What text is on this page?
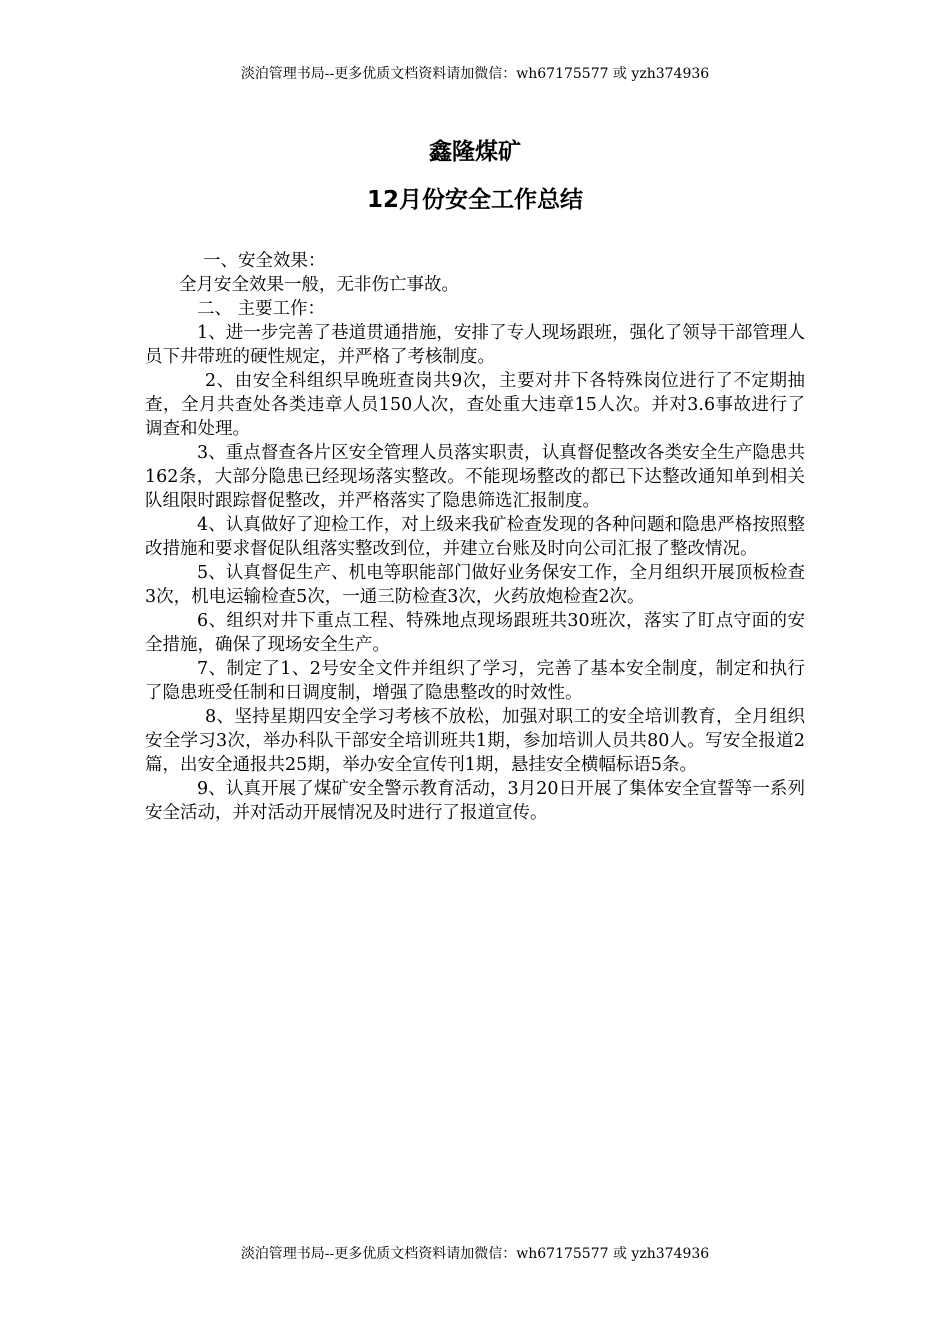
淡泊管理书局--更多优质文档资料请加微信：wh67175577 或 yzh374936
鑫隆煤矿
12月份安全工作总结

一、安全效果：

全月安全效果一般，无非伤亡事故。

二、 主要工作：

1、进一步完善了巷道贯通措施，安排了专人现场跟班，强化了领导干部管理人员下井带班的硬性规定，并严格了考核制度。

2、由安全科组织早晚班查岗共9次，主要对井下各特殊岗位进行了不定期抽查，全月共查处各类违章人员150人次，查处重大违章15人次。并对3.6事故进行了调查和处理。

3、重点督查各片区安全管理人员落实职责，认真督促整改各类安全生产隐患共162条，大部分隐患已经现场落实整改。不能现场整改的都已下达整改通知单到相关队组限时跟踪督促整改，并严格落实了隐患筛选汇报制度。

4、认真做好了迎检工作，对上级来我矿检查发现的各种问题和隐患严格按照整改措施和要求督促队组落实整改到位，并建立台账及时向公司汇报了整改情况。

5、认真督促生产、机电等职能部门做好业务保安工作，全月组织开展顶板检查3次，机电运输检查5次，一通三防检查3次，火药放炮检查2次。

6、组织对井下重点工程、特殊地点现场跟班共30班次，落实了盯点守面的安全措施，确保了现场安全生产。

7、制定了1、2号安全文件并组织了学习，完善了基本安全制度，制定和执行了隐患班受任制和日调度制，增强了隐患整改的时效性。

8、坚持星期四安全学习考核不放松，加强对职工的安全培训教育，全月组织安全学习3次，举办科队干部安全培训班共1期，参加培训人员共80人。写安全报道2篇，出安全通报共25期，举办安全宣传刊1期，悬挂安全横幅标语5条。

9、认真开展了煤矿安全警示教育活动，3月20日开展了集体安全宣誓等一系列安全活动，并对活动开展情况及时进行了报道宣传。

淡泊管理书局--更多优质文档资料请加微信：wh67175577 或 yzh374936
